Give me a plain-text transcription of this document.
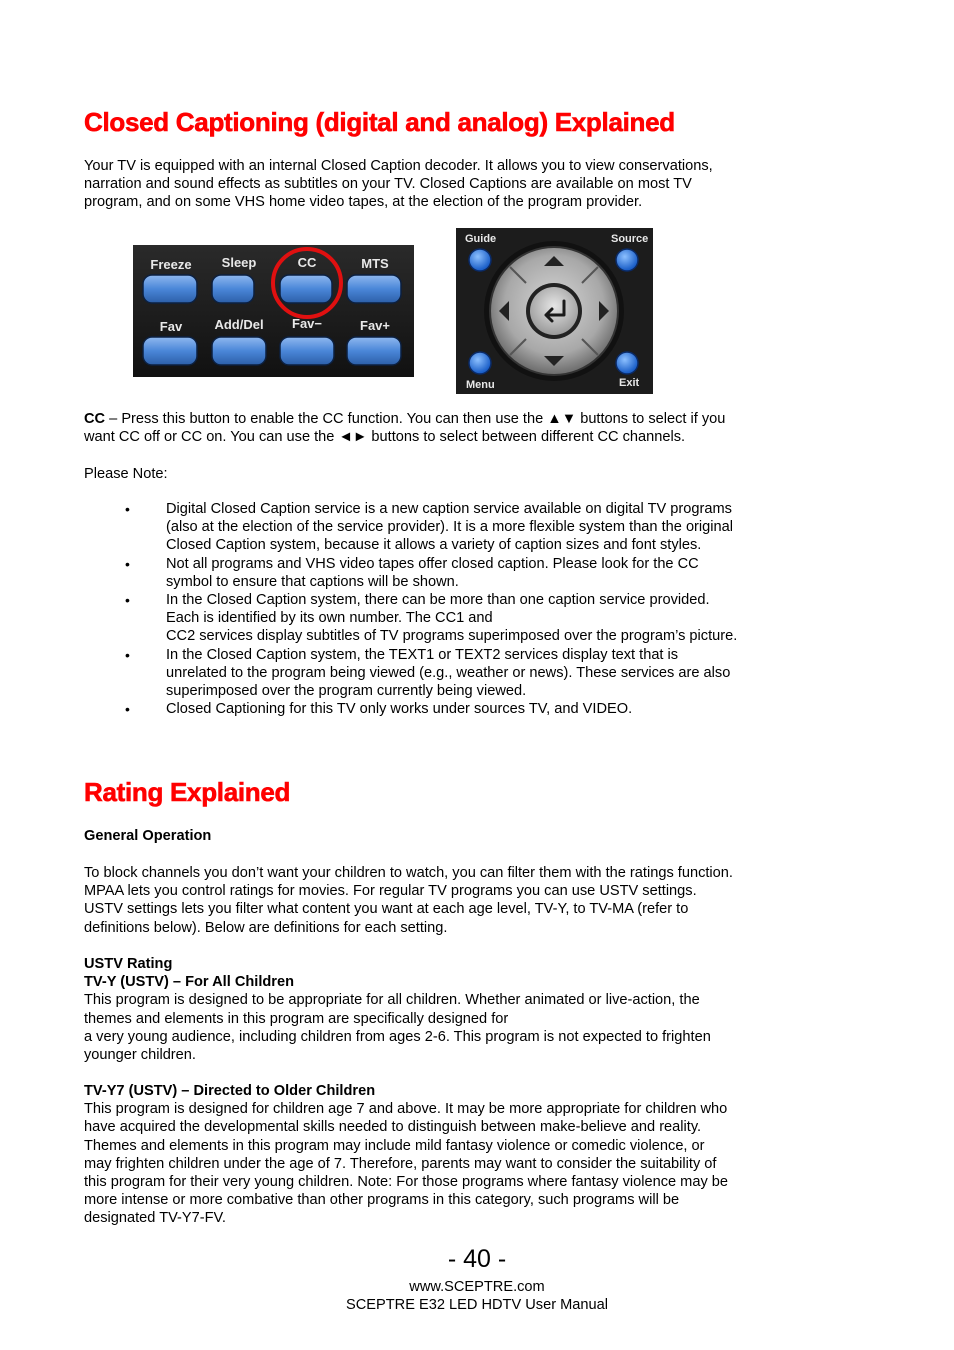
Closed Captioning (digital and analog) Explained

Your TV is equipped with an internal Closed Caption decoder. It allows you to view conservations,
narration and sound effects as subtitles on your TV. Closed Captions are available on most TV
program, and on some VHS home video tapes, at the election of the program provider.

Freeze Sleep	CC	MTS
Fav Add/Del Fav−	Fav+
Guide	Source
Menu	Exit

CC – Press this button to enable the CC function. You can then use the ▲▼ buttons to select if you
want CC off or CC on. You can use the ◄► buttons to select between different CC channels.

Please Note:

• Digital Closed Caption service is a new caption service available on digital TV programs
(also at the election of the service provider). It is a more flexible system than the original
Closed Caption system, because it allows a variety of caption sizes and font styles.
• Not all programs and VHS video tapes offer closed caption. Please look for the CC
symbol to ensure that captions will be shown.
• In the Closed Caption system, there can be more than one caption service provided.
Each is identified by its own number. The CC1 and
CC2 services display subtitles of TV programs superimposed over the program’s picture.
• In the Closed Caption system, the TEXT1 or TEXT2 services display text that is
unrelated to the program being viewed (e.g., weather or news). These services are also
superimposed over the program currently being viewed.
• Closed Captioning for this TV only works under sources TV, and VIDEO.
Rating Explained

General Operation

To block channels you don’t want your children to watch, you can filter them with the ratings function.
MPAA lets you control ratings for movies. For regular TV programs you can use USTV settings.
USTV settings lets you filter what content you want at each age level, TV-Y, to TV-MA (refer to
definitions below). Below are definitions for each setting.

USTV Rating
TV-Y (USTV) – For All Children
This program is designed to be appropriate for all children. Whether animated or live-action, the
themes and elements in this program are specifically designed for
a very young audience, including children from ages 2-6. This program is not expected to frighten
younger children.

TV-Y7 (USTV) – Directed to Older Children
This program is designed for children age 7 and above. It may be more appropriate for children who
have acquired the developmental skills needed to distinguish between make-believe and reality.
Themes and elements in this program may include mild fantasy violence or comedic violence, or
may frighten children under the age of 7. Therefore, parents may want to consider the suitability of
this program for their very young children. Note: For those programs where fantasy violence may be
more intense or more combative than other programs in this category, such programs will be
designated TV-Y7-FV.

- 40 -
www.SCEPTRE.com
SCEPTRE E32 LED HDTV User Manual
